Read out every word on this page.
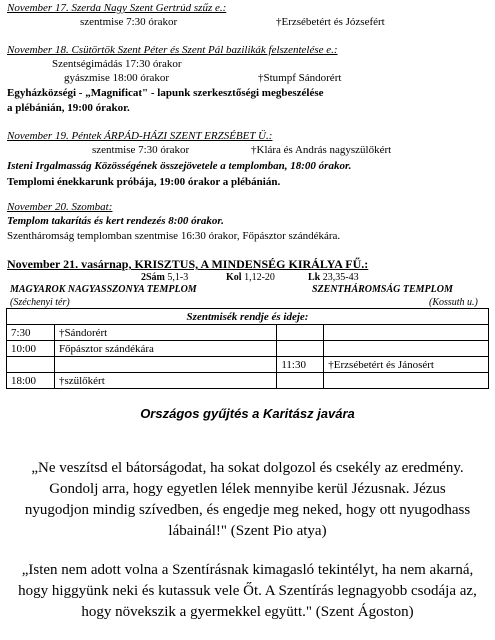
November 17. Szerda Nagy Szent Gertrúd szűz e.:
szentmise 7:30 órakor	†Erzsébetért és Józsefért
November 18. Csütörtök Szent Péter és Szent Pál bazilikák felszentelése e.:
Szentségimádás 17:30 órakor
gyászmise 18:00 órakor	†Stumpf Sándorért
Egyházközségi - „Magnificat" - lapunk szerkesztőségi megbeszélése
a plébánián, 19:00 órakor.
November 19. Péntek ÁRPÁD-HÁZI SZENT ERZSÉBET Ü.:
szentmise 7:30 órakor	†Klára és András nagyszülőkért
Isteni Irgalmasság Közösségének összejövetele a templomban, 18:00 órakor.
Templomi énekkarunk próbája, 19:00 órakor a plébánián.
November 20. Szombat:
Templom takarítás és kert rendezés 8:00 órakor.
Szentháromság templomban szentmise 16:30 órakor, Főpásztor szándékára.
November 21. vasárnap, KRISZTUS, A MINDENSÉG KIRÁLYA FŰ.:
2Sám 5,1-3	Kol 1,12-20	Lk 23,35-43
MAGYAROK NAGYASSZONYA TEMPLOM
(Széchenyi tér)
SZENTHÁROMSÁG TEMPLOM
(Kossuth u.)
Szentmisék rendje és ideje:			
7:30	†Sándorért		
10:00	Főpásztor szándékára		
		11:30	†Erzsébetért és Jánosért
18:00	†szülőkért		
Országos gyűjtés a Karitász javára
„Ne veszítsd el bátorságodat, ha sokat dolgozol és csekély az eredmény. Gondolj arra, hogy egyetlen lélek mennyibe kerül Jézusnak. Jézus nyugodjon mindig szívedben, és engedje meg neked, hogy ott nyugodhass lábainál!" (Szent Pio atya)
„Isten nem adott volna a Szentírásnak kimagasló tekintélyt, ha nem akarná, hogy higgyünk neki és kutassuk vele Őt. A Szentírás legnagyobb csodája az, hogy növekszik a gyermekkel együtt." (Szent Ágoston)
